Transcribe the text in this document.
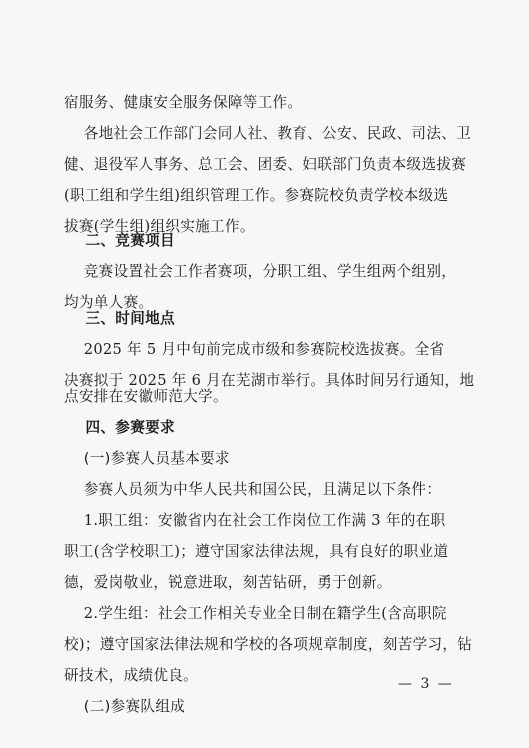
宿服务、健康安全服务保障等工作。
各地社会工作部门会同人社、教育、公安、民政、司法、卫
健、退役军人事务、总工会、团委、妇联部门负责本级选拔赛
(职工组和学生组)组织管理工作。参赛院校负责学校本级选
拔赛(学生组)组织实施工作。
二、竞赛项目
竞赛设置社会工作者赛项，分职工组、学生组两个组别，
均为单人赛。
三、时间地点
2025 年 5 月中旬前完成市级和参赛院校选拔赛。全省
决赛拟于 2025 年 6 月在芜湖市举行。具体时间另行通知，地
点安排在安徽师范大学。
四、参赛要求
(一)参赛人员基本要求
参赛人员须为中华人民共和国公民，且满足以下条件：
1.职工组：安徽省内在社会工作岗位工作满 3 年的在职
职工(含学校职工)；遵守国家法律法规，具有良好的职业道
德，爱岗敬业，锐意进取，刻苦钻研，勇于创新。
2.学生组：社会工作相关专业全日制在籍学生(含高职院
校)；遵守国家法律法规和学校的各项规章制度，刻苦学习，钻
研技术，成绩优良。
(二)参赛队组成
— 3 —
